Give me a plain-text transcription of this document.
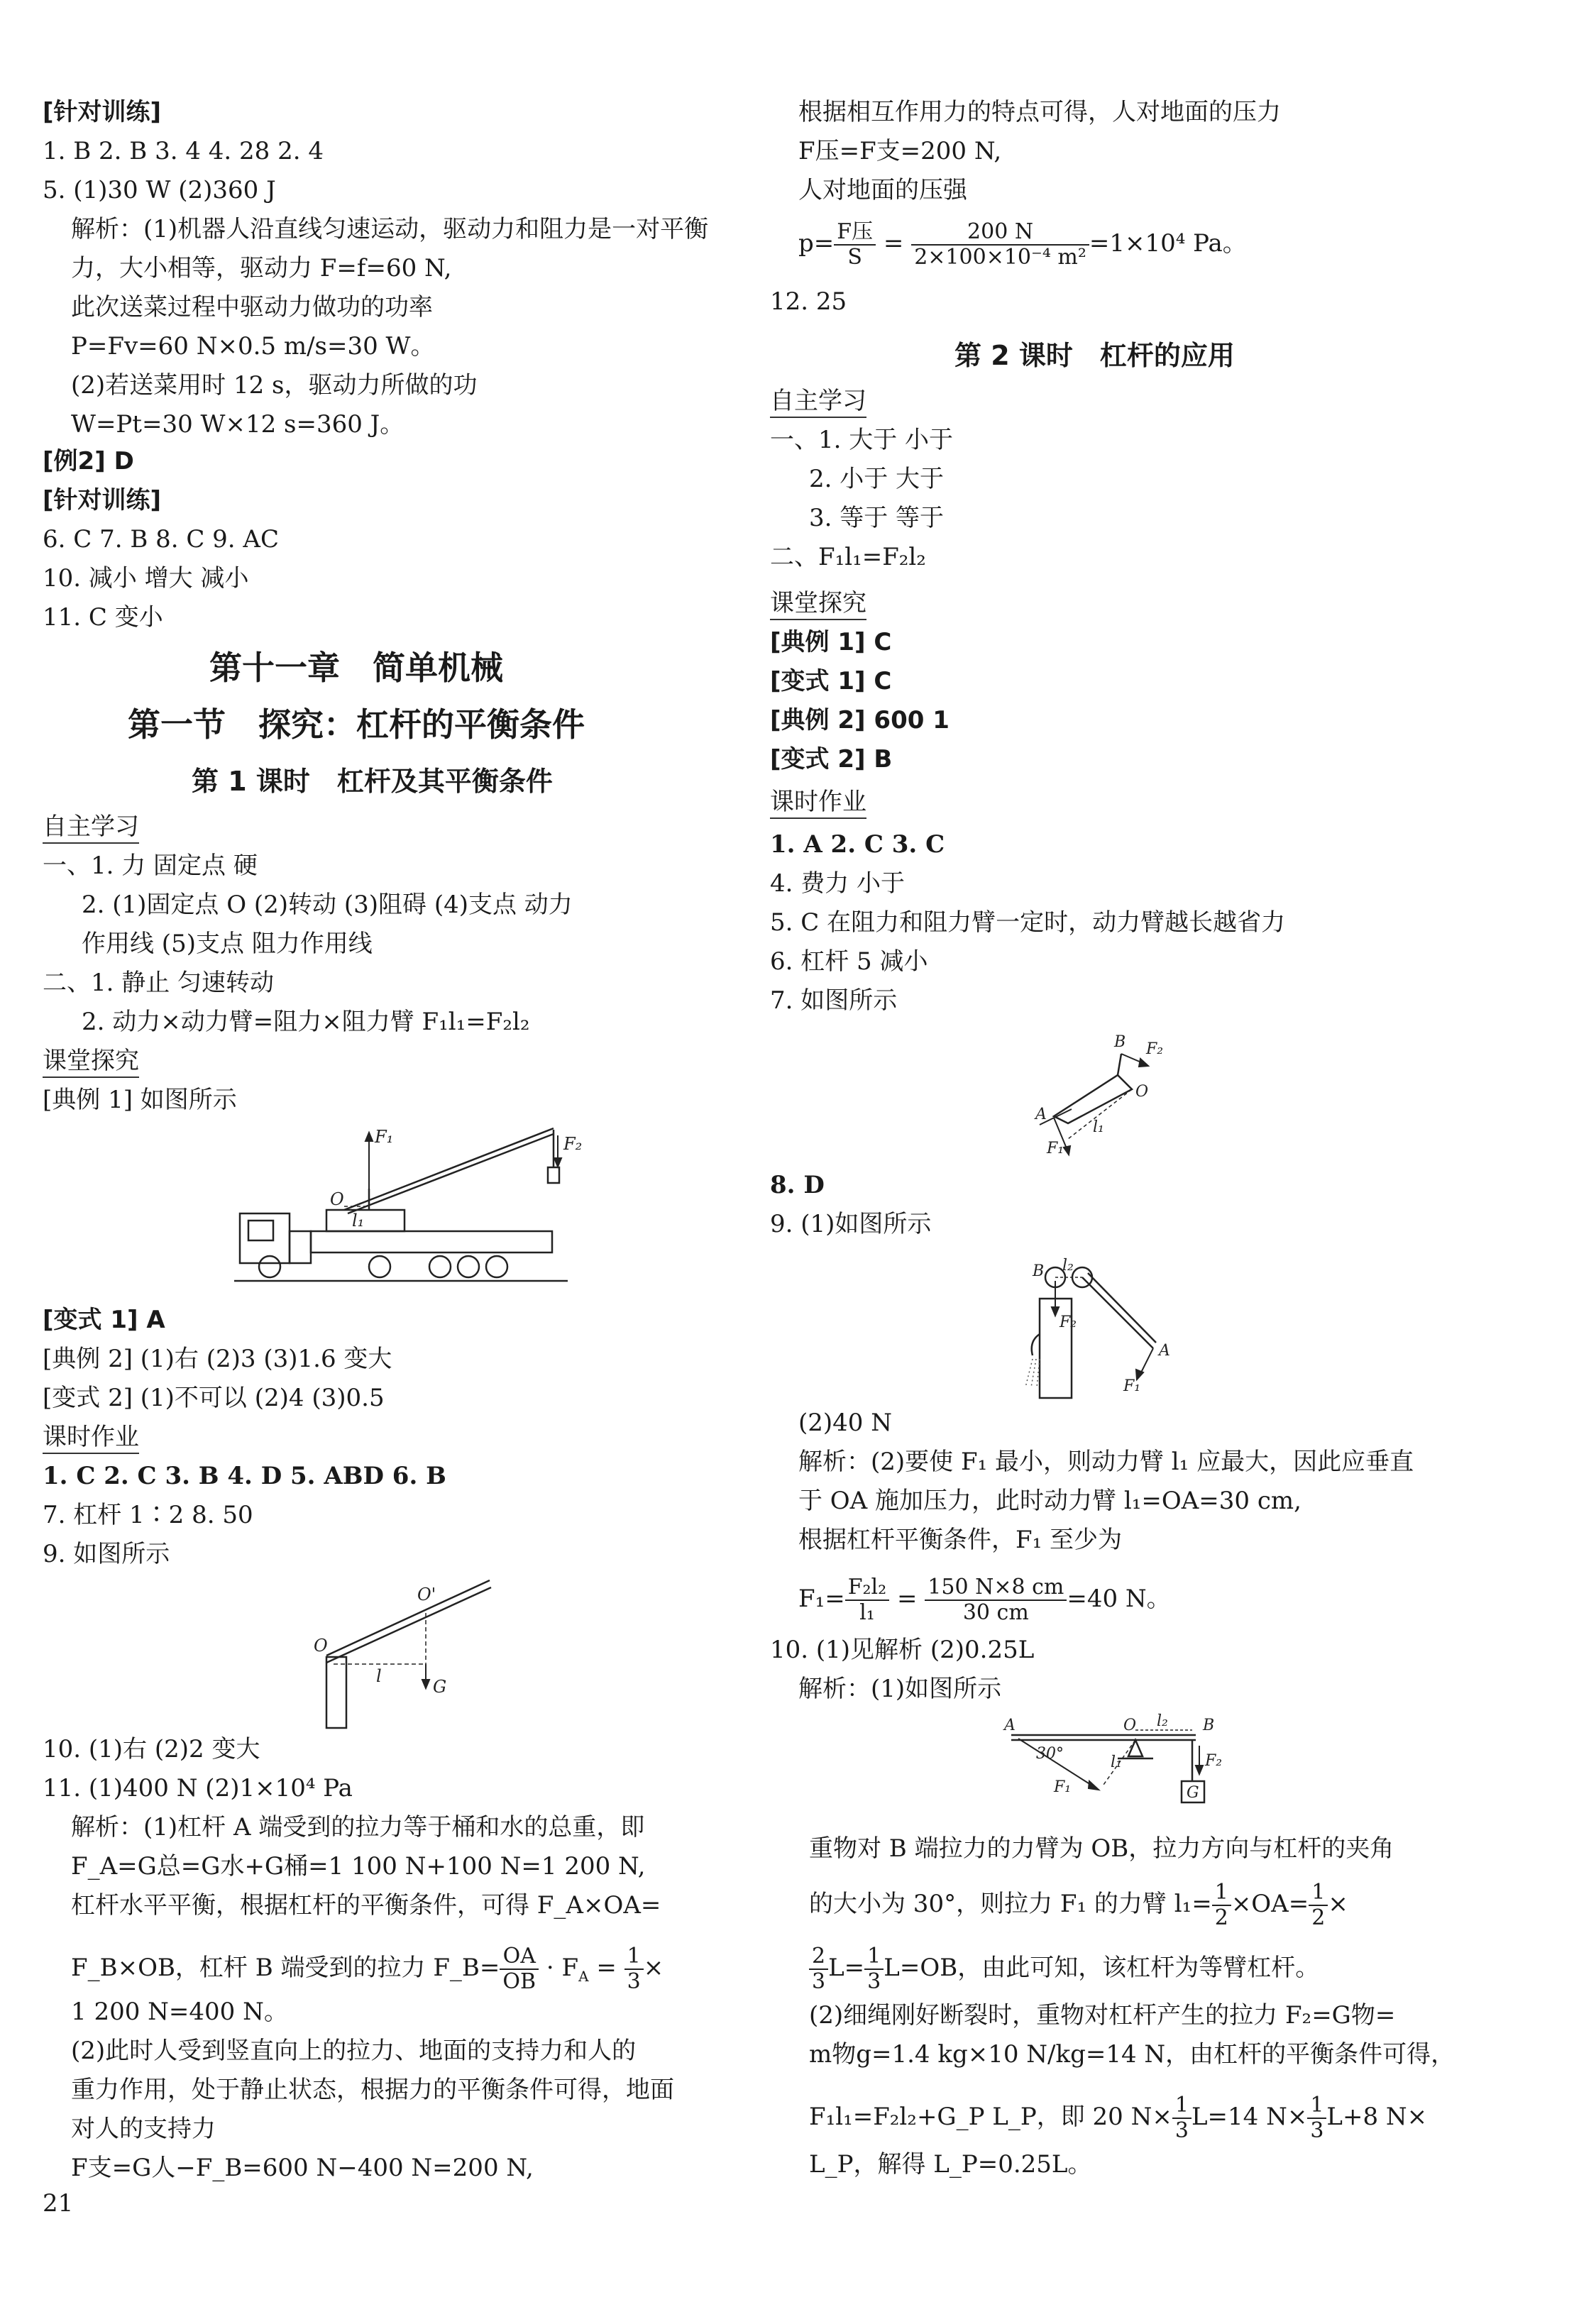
[针对训练]
1. B 2. B 3. 4 4. 28 2. 4
5. (1)30 W (2)360 J
解析：(1)机器人沿直线匀速运动，驱动力和阻力是一对平衡
力，大小相等，驱动力 F=f=60 N,
此次送菜过程中驱动力做功的功率
P=Fv=60 N×0.5 m/s=30 W。
(2)若送菜用时 12 s，驱动力所做的功
W=Pt=30 W×12 s=360 J。
[例2] D
[针对训练]
6. C 7. B 8. C 9. AC
10. 减小 增大 减小
11. C 变小
第十一章　简单机械
第一节　探究：杠杆的平衡条件
第 1 课时　杠杆及其平衡条件
自主学习
一、1. 力 固定点 硬
2. (1)固定点 O (2)转动 (3)阻碍 (4)支点 动力
作用线 (5)支点 阻力作用线
二、1. 静止 匀速转动
2. 动力×动力臂=阻力×阻力臂 F₁l₁=F₂l₂
课堂探究
[典例 1] 如图所示
F₁	F₂
O
l₁
[变式 1] A
[典例 2] (1)右 (2)3 (3)1.6 变大
[变式 2] (1)不可以 (2)4 (3)0.5
课时作业
1. C 2. C 3. B 4. D 5. ABD 6. B
7. 杠杆 1∶2 8. 50
9. 如图所示
O
O'
l
G
10. (1)右 (2)2 变大
11. (1)400 N (2)1×10⁴ Pa
解析：(1)杠杆 A 端受到的拉力等于桶和水的总重，即
F_A=G总=G水+G桶=1 100 N+100 N=1 200 N,
杠杆水平平衡，根据杠杆的平衡条件，可得 F_A×OA=
F_B×OB，杠杆 B 端受到的拉力 F_B= $\frac{OA}{OB} \cdot F_A = \frac{1}{3}$ ×
1 200 N=400 N。
(2)此时人受到竖直向上的拉力、地面的支持力和人的
重力作用，处于静止状态，根据力的平衡条件可得，地面
对人的支持力
F支=G人−F_B=600 N−400 N=200 N,
21
根据相互作用力的特点可得，人对地面的压力
F压=F支=200 N,
人对地面的压强
$p= \frac{\text{F压}}{S} = \frac{200 N}{\text{2×100×10⁻⁴ m²}} =1\times 10^4$ Pa。
12. 25
第 2 课时　杠杆的应用
自主学习
一、1. 大于 小于
2. 小于 大于
3. 等于 等于
二、F₁l₁=F₂l₂
课堂探究
[典例 1] C
[变式 1] C
[典例 2] 600 1
[变式 2] B
课时作业
1. A 2. C 3. C
4. 费力 小于
5. C 在阻力和阻力臂一定时，动力臂越长越省力
6. 杠杆 5 减小
7. 如图所示
B F₂
O
A
l₁
F₁
8. D
9. (1)如图所示
B l₂
F₂
A
F₁
(2)40 N
解析：(2)要使 F₁ 最小，则动力臂 l₁ 应最大，因此应垂直
于 OA 施加压力，此时动力臂 l₁=OA=30 cm,
根据杠杆平衡条件，F₁ 至少为
$F_1= \frac{\text{F₂l₂}}{\text{l₁}} = \frac{150 N\times 8 cm}{30 cm} =40$ N。
10. (1)见解析 (2)0.25L
解析：(1)如图所示
A	O l₂ B
30°	l₁
F₁
F₂
G
重物对 B 端拉力的力臂为 OB，拉力方向与杠杆的夹角
的大小为 30°，则拉力 F₁ 的力臂 $l_1= \frac{1}{2} \times OA= \frac{1}{2}$ ×
$\frac{2}{3} L= \frac{1}{3} L=OB$，由此可知，该杠杆为等臂杠杆。
(2)细绳刚好断裂时，重物对杠杆产生的拉力 F₂=G物=
m物g=1.4 kg×10 N/kg=14 N，由杠杆的平衡条件可得，
F₁l₁=F₂l₂+G_P L_P，即 20 $N\times \frac{1}{3} L=14$ $N\times \frac{1}{3} L+8$ N×
L_P，解得 L_P=0.25L。
